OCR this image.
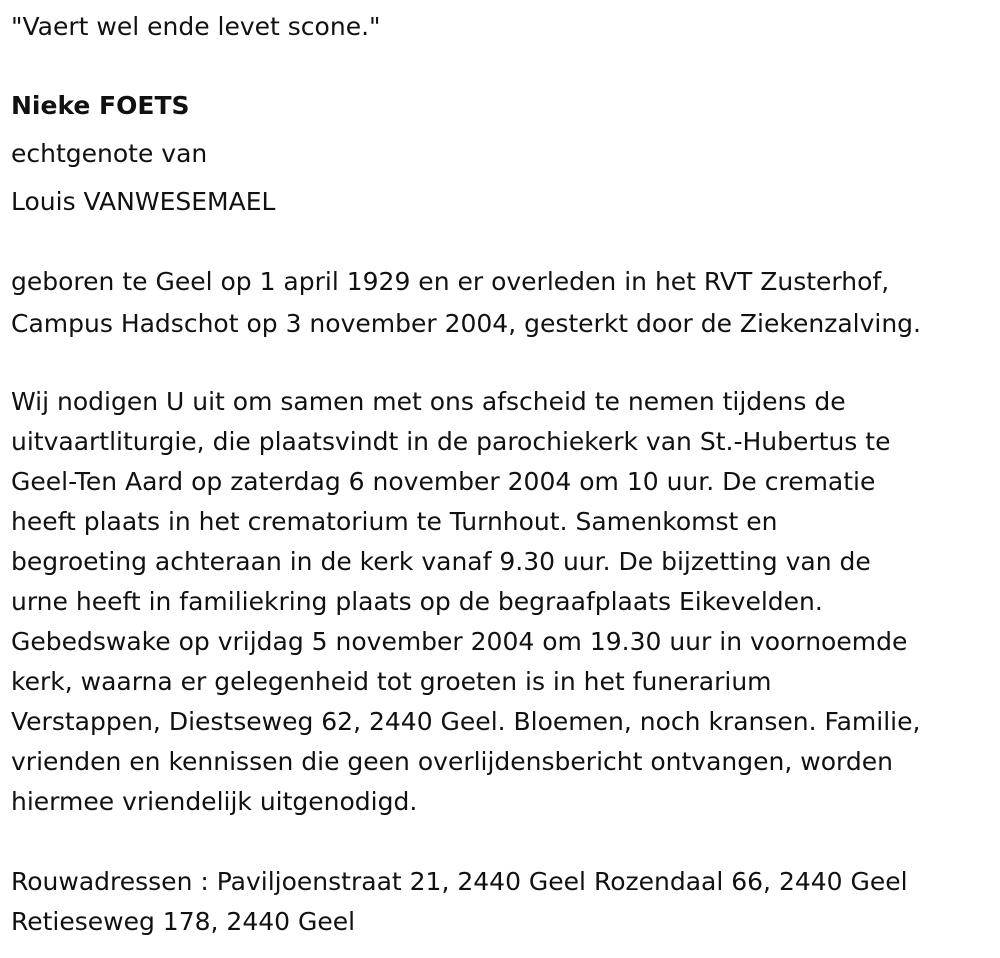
"Vaert wel ende levet scone."
Nieke FOETS
echtgenote van
Louis VANWESEMAEL
geboren te Geel op 1 april 1929 en er overleden in het RVT Zusterhof,
Campus Hadschot op 3 november 2004, gesterkt door de Ziekenzalving.
Wij nodigen U uit om samen met ons afscheid te nemen tijdens de
uitvaartliturgie, die plaatsvindt in de parochiekerk van St.-Hubertus te
Geel-Ten Aard op zaterdag 6 november 2004 om 10 uur. De crematie
heeft plaats in het crematorium te Turnhout. Samenkomst en
begroeting achteraan in de kerk vanaf 9.30 uur. De bijzetting van de
urne heeft in familiekring plaats op de begraafplaats Eikevelden.
Gebedswake op vrijdag 5 november 2004 om 19.30 uur in voornoemde
kerk, waarna er gelegenheid tot groeten is in het funerarium
Verstappen, Diestseweg 62, 2440 Geel. Bloemen, noch kransen. Familie,
vrienden en kennissen die geen overlijdensbericht ontvangen, worden
hiermee vriendelijk uitgenodigd.
Rouwadressen : Paviljoenstraat 21, 2440 Geel Rozendaal 66, 2440 Geel
Retieseweg 178, 2440 Geel
